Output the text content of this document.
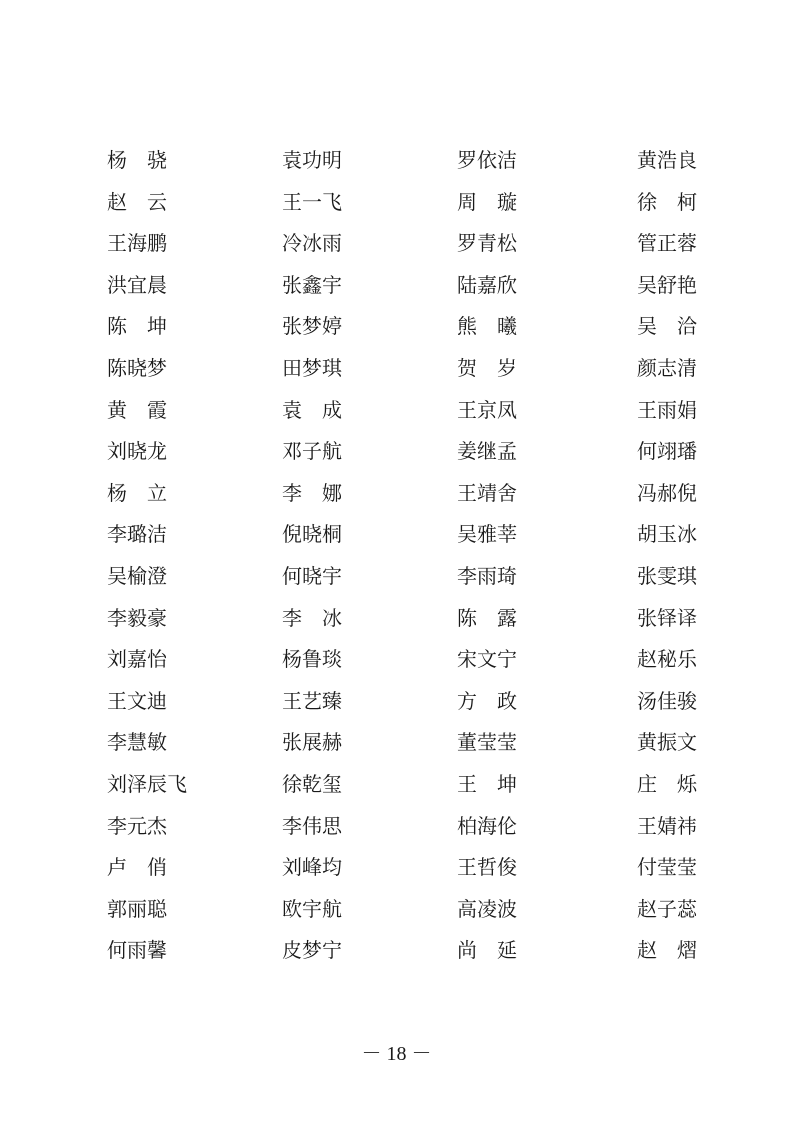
杨　骁	袁功明	罗依洁	黄浩良
赵　云	王一飞	周　璇	徐　柯
王海鹏	冷冰雨	罗青松	管正蓉
洪宜晨	张鑫宇	陆嘉欣	吴舒艳
陈　坤	张梦婷	熊　曦	吴　洽
陈晓梦	田梦琪	贺　岁	颜志清
黄　霞	袁　成	王京凤	王雨娟
刘晓龙	邓子航	姜继孟	何翊璠
杨　立	李　娜	王靖舍	冯郝倪
李璐洁	倪晓桐	吴雅莘	胡玉冰
吴榆澄	何晓宇	李雨琦	张雯琪
李毅豪	李　冰	陈　露	张铎译
刘嘉怡	杨鲁琰	宋文宁	赵秘乐
王文迪	王艺臻	方　政	汤佳骏
李慧敏	张展赫	董莹莹	黄振文
刘泽辰飞	徐乾玺	王　坤	庄　烁
李元杰	李伟思	柏海伦	王婧祎
卢　俏	刘峰均	王哲俊	付莹莹
郭丽聪	欧宇航	高凌波	赵子蕊
何雨馨	皮梦宁	尚　延	赵　熠
－ 18 －
